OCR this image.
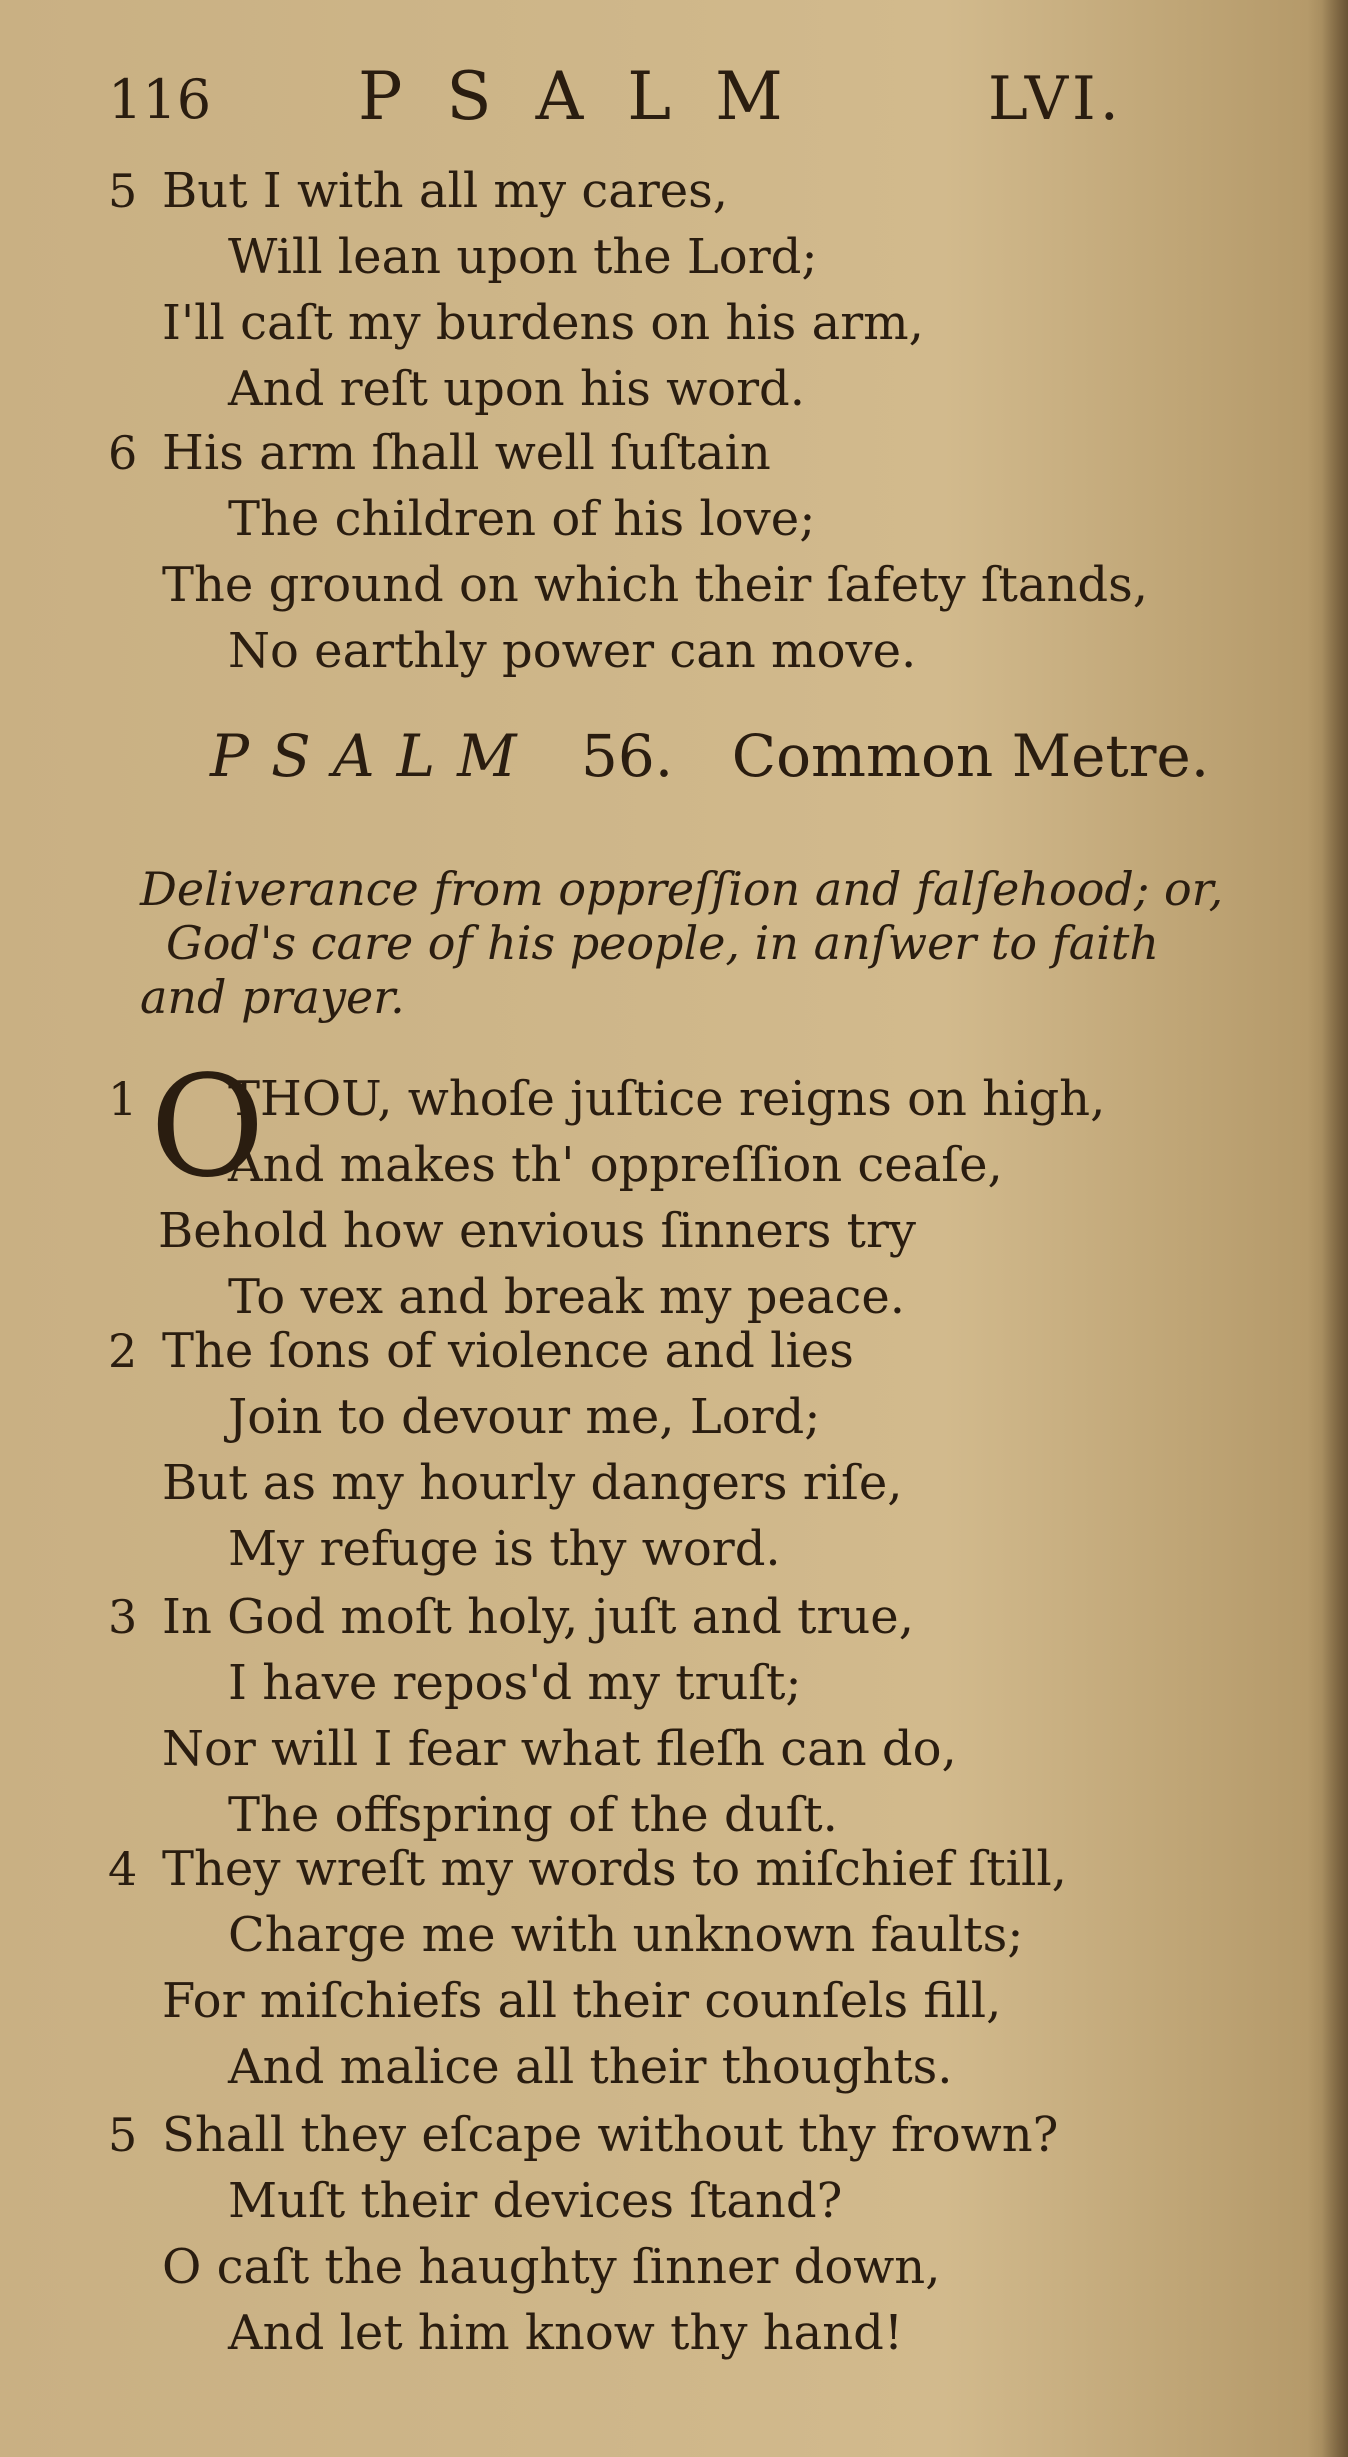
116 PSALM	LVI.
5 But I with all my cares,
Will lean upon the Lord;
I'll caſt my burdens on his arm,
And reſt upon his word.
6 His arm ſhall well ſuſtain
The children of his love;
The ground on which their ſafety ſtands,
No earthly power can move.
PSALM 56. Common Metre.
Deliverance from oppreſſion and falſehood; or,
God's care of his people, in anſwer to faith
and prayer.
1	THOU, whoſe juſtice reigns on high,
And makes th' oppreſſion ceaſe,
Behold how envious ſinners try
To vex and break my peace.
O
2 The ſons of violence and lies
Join to devour me, Lord;
But as my hourly dangers riſe,
My refuge is thy word.
3 In God moſt holy, juſt and true,
I have repos'd my truſt;
Nor will I fear what fleſh can do,
The offspring of the duſt.
4 They wreſt my words to miſchief ſtill,
Charge me with unknown faults;
For miſchiefs all their counſels fill,
And malice all their thoughts.
5 Shall they eſcape without thy frown?
Muſt their devices ſtand?
O caſt the haughty ſinner down,
And let him know thy hand!
